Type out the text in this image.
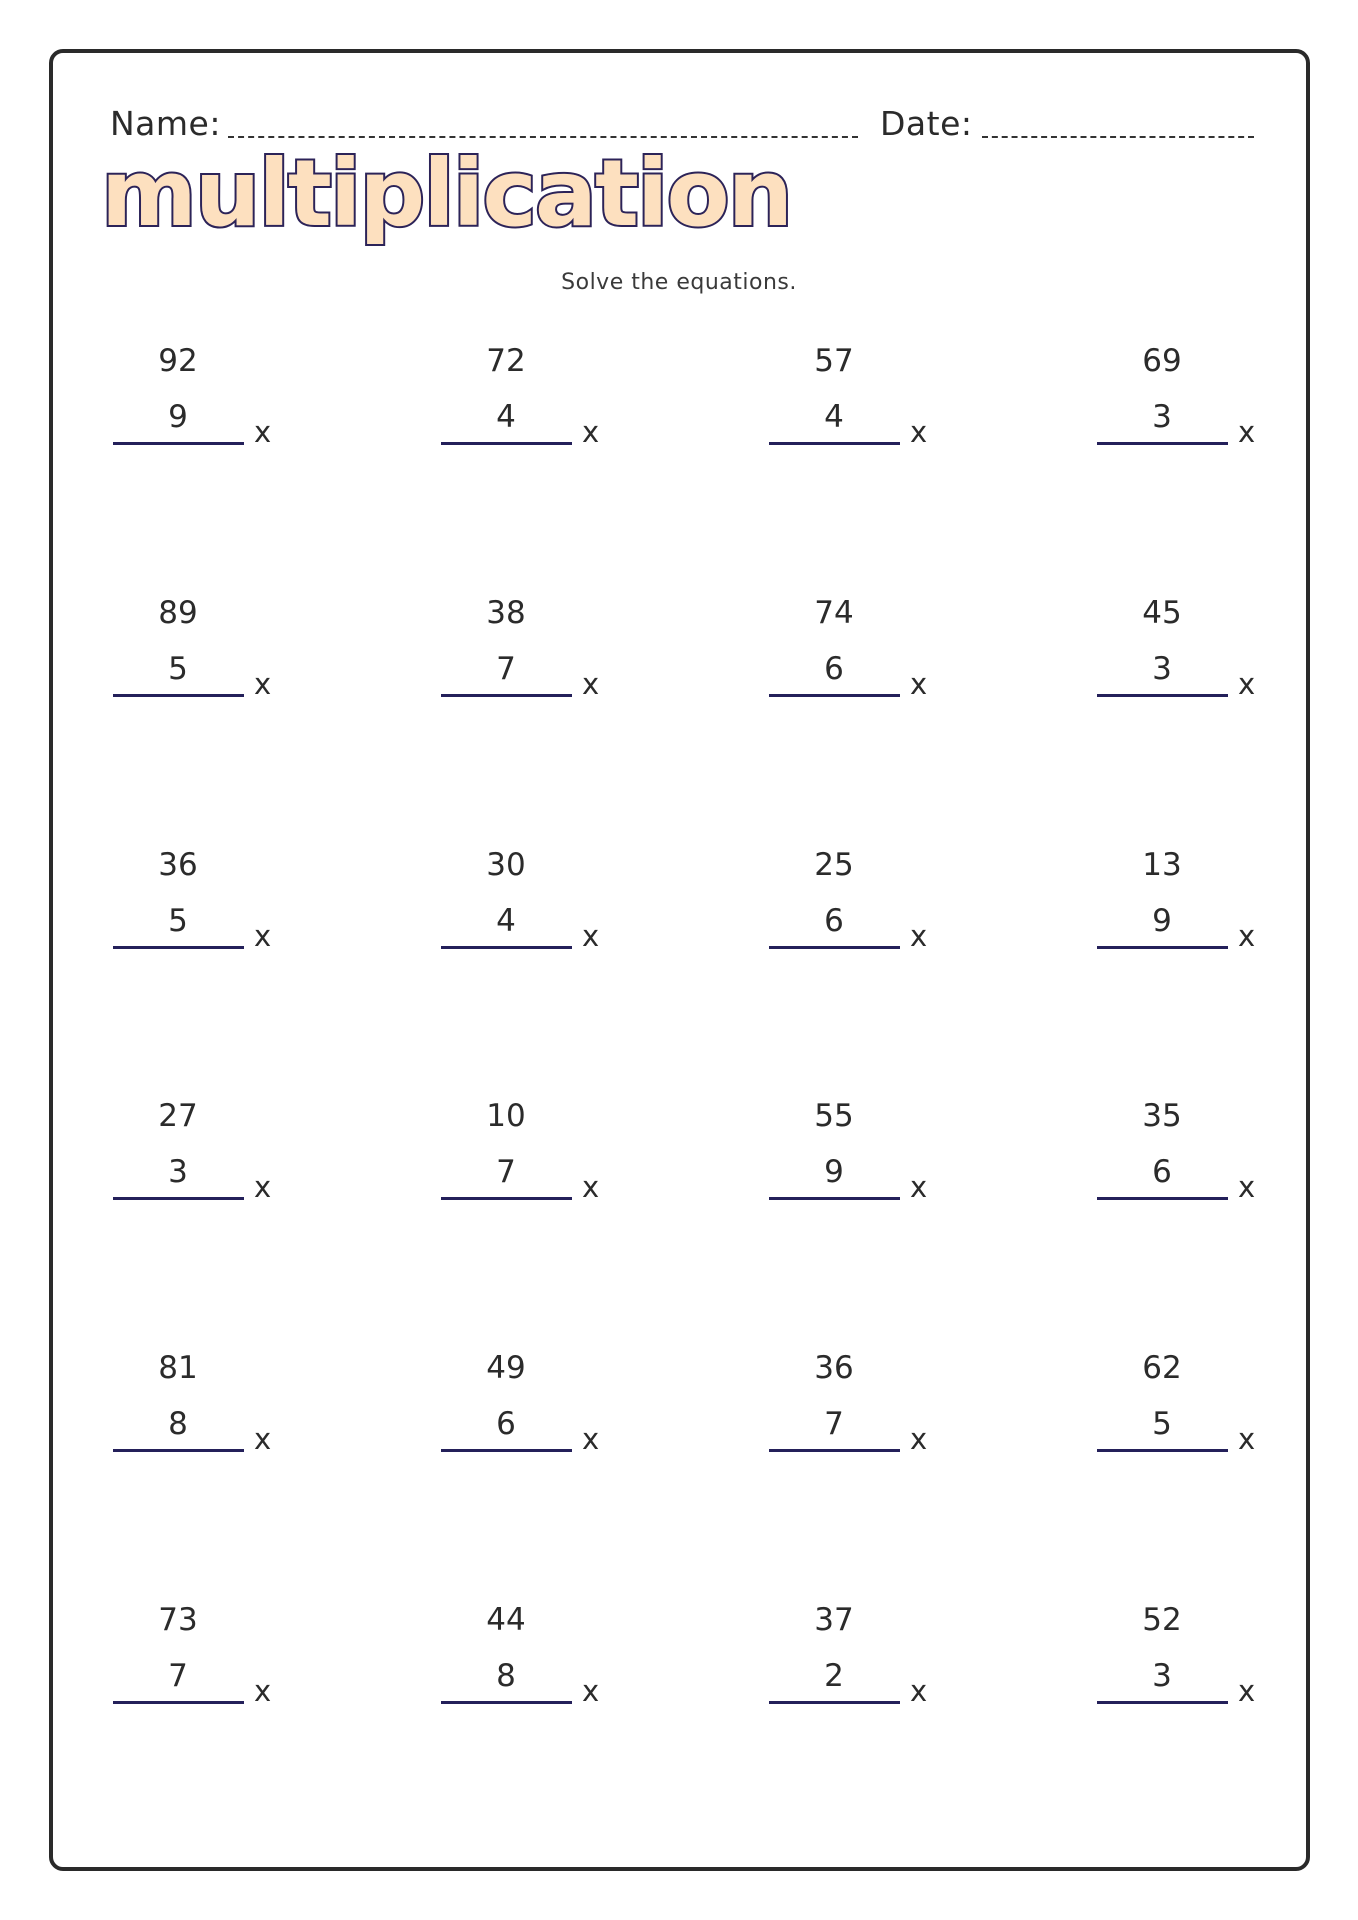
Name:	Date:
multiplication
Solve the equations.
92
9	x
72
4	x
57
4	x
69
3	x
89
5	x
38
7	x
74
6	x
45
3	x
36
5	x
30
4	x
25
6	x
13
9	x
27
3	x
10
7	x
55
9	x
35
6	x
81
8	x
49
6	x
36
7	x
62
5	x
73
7	x
44
8	x
37
2	x
52
3	x
